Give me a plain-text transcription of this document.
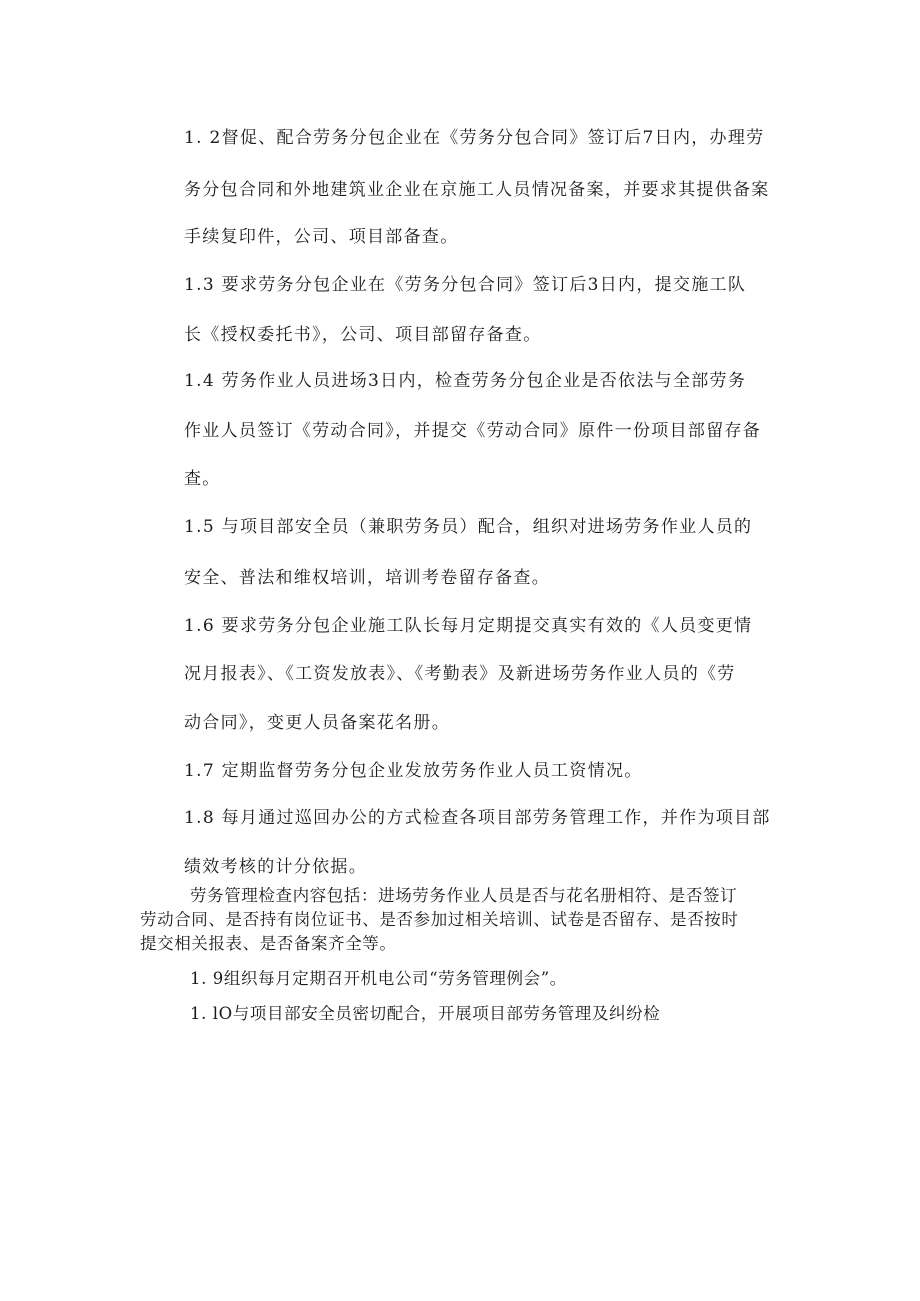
1. 2督促、配合劳务分包企业在《劳务分包合同》签订后7日内，办理劳
务分包合同和外地建筑业企业在京施工人员情况备案，并要求其提供备案
手续复印件，公司、项目部备查。
1.3 要求劳务分包企业在《劳务分包合同》签订后3日内，提交施工队
长《授权委托书》，公司、项目部留存备查。
1.4 劳务作业人员进场3日内，检查劳务分包企业是否依法与全部劳务
作业人员签订《劳动合同》，并提交《劳动合同》原件一份项目部留存备
查。
1.5 与项目部安全员（兼职劳务员）配合，组织对进场劳务作业人员的
安全、普法和维权培训，培训考卷留存备查。
1.6 要求劳务分包企业施工队长每月定期提交真实有效的《人员变更情
况月报表》、《工资发放表》、《考勤表》及新进场劳务作业人员的《劳
动合同》，变更人员备案花名册。
1.7 定期监督劳务分包企业发放劳务作业人员工资情况。
1.8 每月通过巡回办公的方式检查各项目部劳务管理工作，并作为项目部
绩效考核的计分依据。
劳务管理检查内容包括：进场劳务作业人员是否与花名册相符、是否签订
劳动合同、是否持有岗位证书、是否参加过相关培训、试卷是否留存、是否按时
提交相关报表、是否备案齐全等。
1. 9组织每月定期召开机电公司“劳务管理例会”。
1. lO与项目部安全员密切配合，开展项目部劳务管理及纠纷检
